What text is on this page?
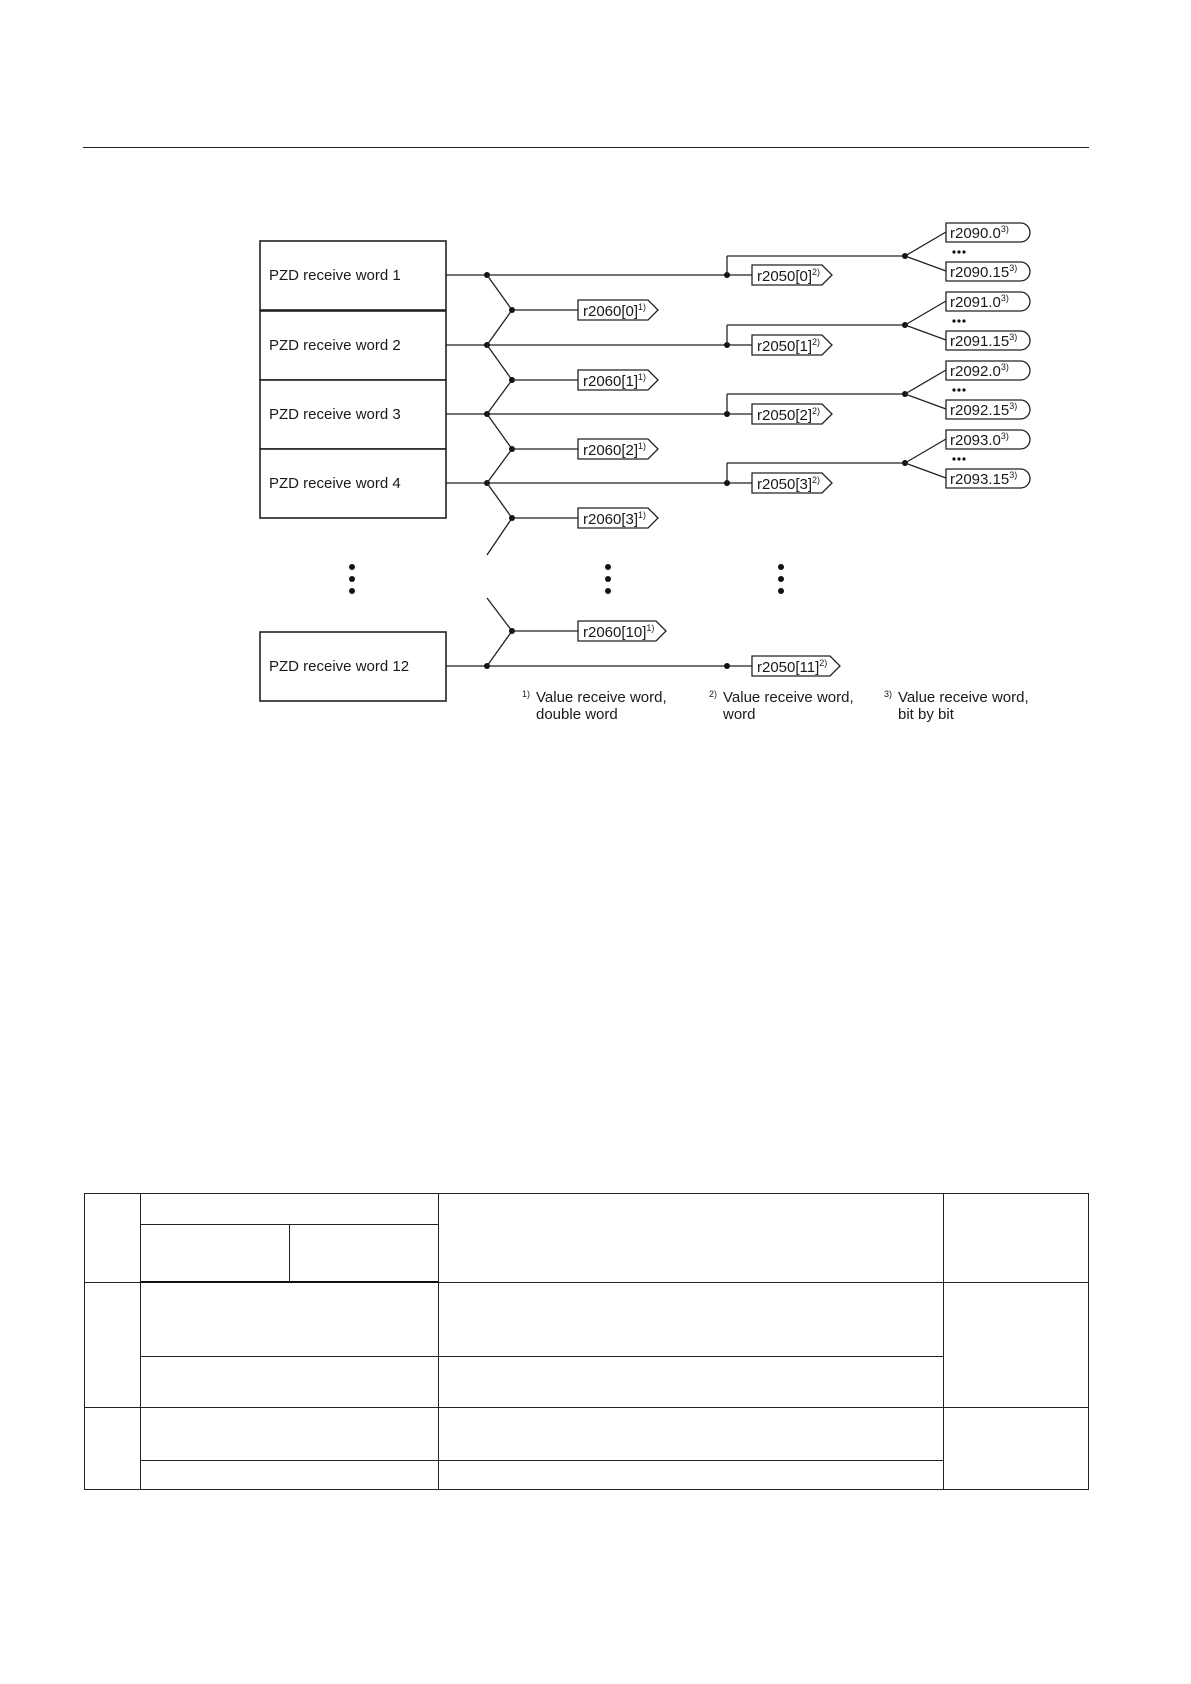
PZD receive word 1
PZD receive word 2
PZD receive word 3
PZD receive word 4
PZD receive word 12
$r2060[0]^{1)}$
$r2060[1]^{1)}$
$r2060[2]^{1)}$
$r2060[3]^{1)}$
$r2060[10]^{1)}$
$r2050[0]^{2)}$
$r2050[1]^{2)}$
$r2050[2]^{2)}$
$r2050[3]^{2)}$
$r2050[11]^{2)}$
r2090.0$^{3)}$
r2090.15$^{3)}$
r2091.0$^{3)}$
r2091.15$^{3)}$
r2092.0$^{3)}$
r2092.15$^{3)}$
r2093.0$^{3)}$
r2093.15$^{3)}$
1) Value receive word,
double word
2) Value receive word,
word
3) Value receive word,
bit by bit
